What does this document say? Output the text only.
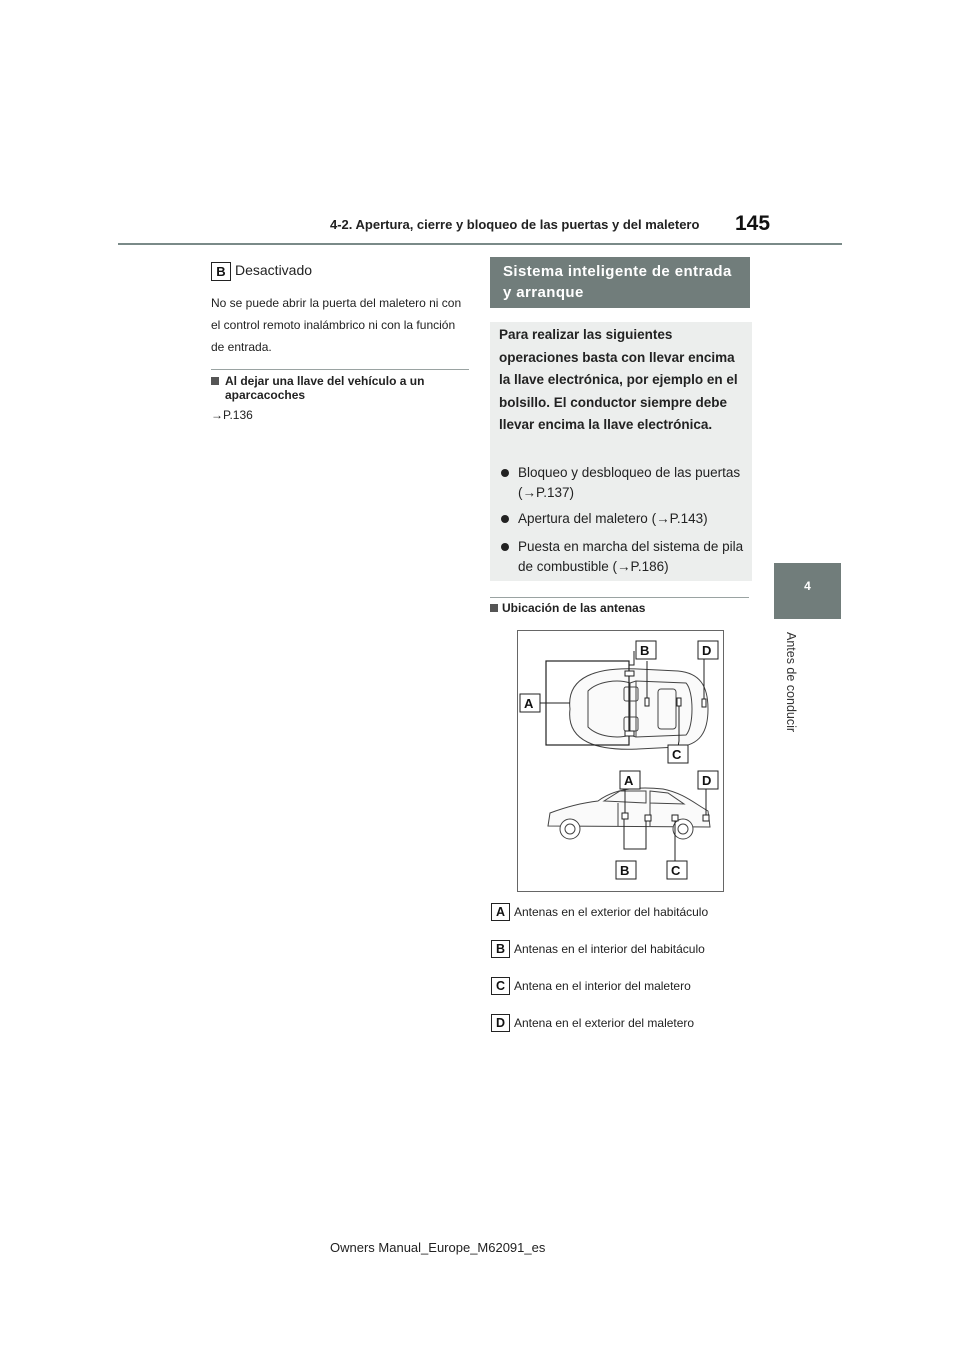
4-2. Apertura, cierre y bloqueo de las puertas y del maletero	145
4
Antes de conducir
B Desactivado
No se puede abrir la puerta del maletero ni con el control remoto inalámbrico ni con la función de entrada.
Al dejar una llave del vehículo a un aparcacoches
→P.136
Sistema inteligente de entrada y arranque
Para realizar las siguientes operaciones basta con llevar encima la llave electrónica, por ejemplo en el bolsillo. El conductor siempre debe llevar encima la llave electrónica.
Bloqueo y desbloqueo de las puertas (→P.137)
Apertura del maletero (→P.143)
Puesta en marcha del sistema de pila de combustible (→P.186)
Ubicación de las antenas
B	D
A
C
A	D
B	C
A Antenas en el exterior del habitáculo
B Antenas en el interior del habitáculo
C Antena en el interior del maletero
D Antena en el exterior del maletero
Owners Manual_Europe_M62091_es
